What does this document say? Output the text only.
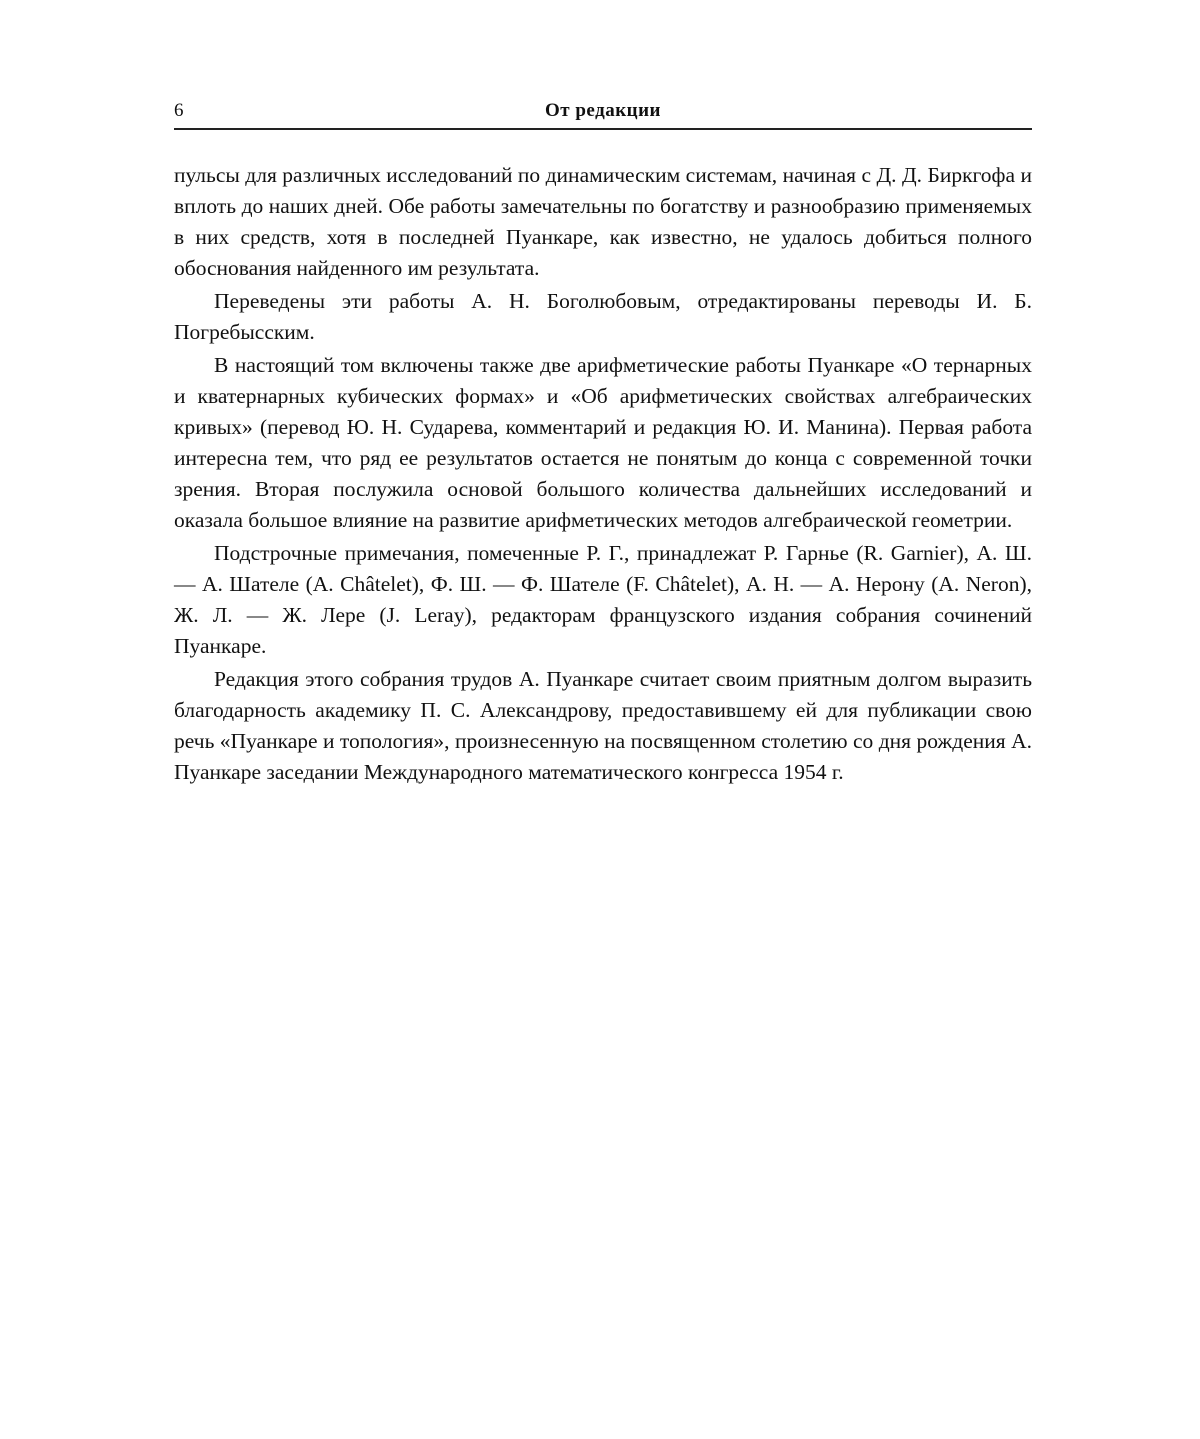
6	От редакции

пульсы для различных исследований по динамическим системам, начиная с Д. Д. Биркгофа и вплоть до наших дней. Обе работы замечательны по богатству и разнообразию применяемых в них средств, хотя в последней Пуанкаре, как известно, не удалось добиться полного обоснования найденного им результата.

Переведены эти работы А. Н. Боголюбовым, отредактированы переводы И. Б. Погребысским.

В настоящий том включены также две арифметические работы Пуанкаре «О тернарных и кватернарных кубических формах» и «Об арифметических свойствах алгебраических кривых» (перевод Ю. Н. Сударева, комментарий и редакция Ю. И. Манина). Первая работа интересна тем, что ряд ее результатов остается не понятым до конца с современной точки зрения. Вторая послужила основой большого количества дальнейших исследований и оказала большое влияние на развитие арифметических методов алгебраической геометрии.

Подстрочные примечания, помеченные Р. Г., принадлежат Р. Гарнье (R. Garnier), А. Ш. — А. Шателе (A. Châtelet), Ф. Ш. — Ф. Шателе (F. Châtelet), А. Н. — А. Нерону (A. Neron), Ж. Л. — Ж. Лере (J. Leray), редакторам французского издания собрания сочинений Пуанкаре.

Редакция этого собрания трудов А. Пуанкаре считает своим приятным долгом выразить благодарность академику П. С. Александрову, предоставившему ей для публикации свою речь «Пуанкаре и топология», произнесенную на посвященном столетию со дня рождения А. Пуанкаре заседании Международного математического конгресса 1954 г.
